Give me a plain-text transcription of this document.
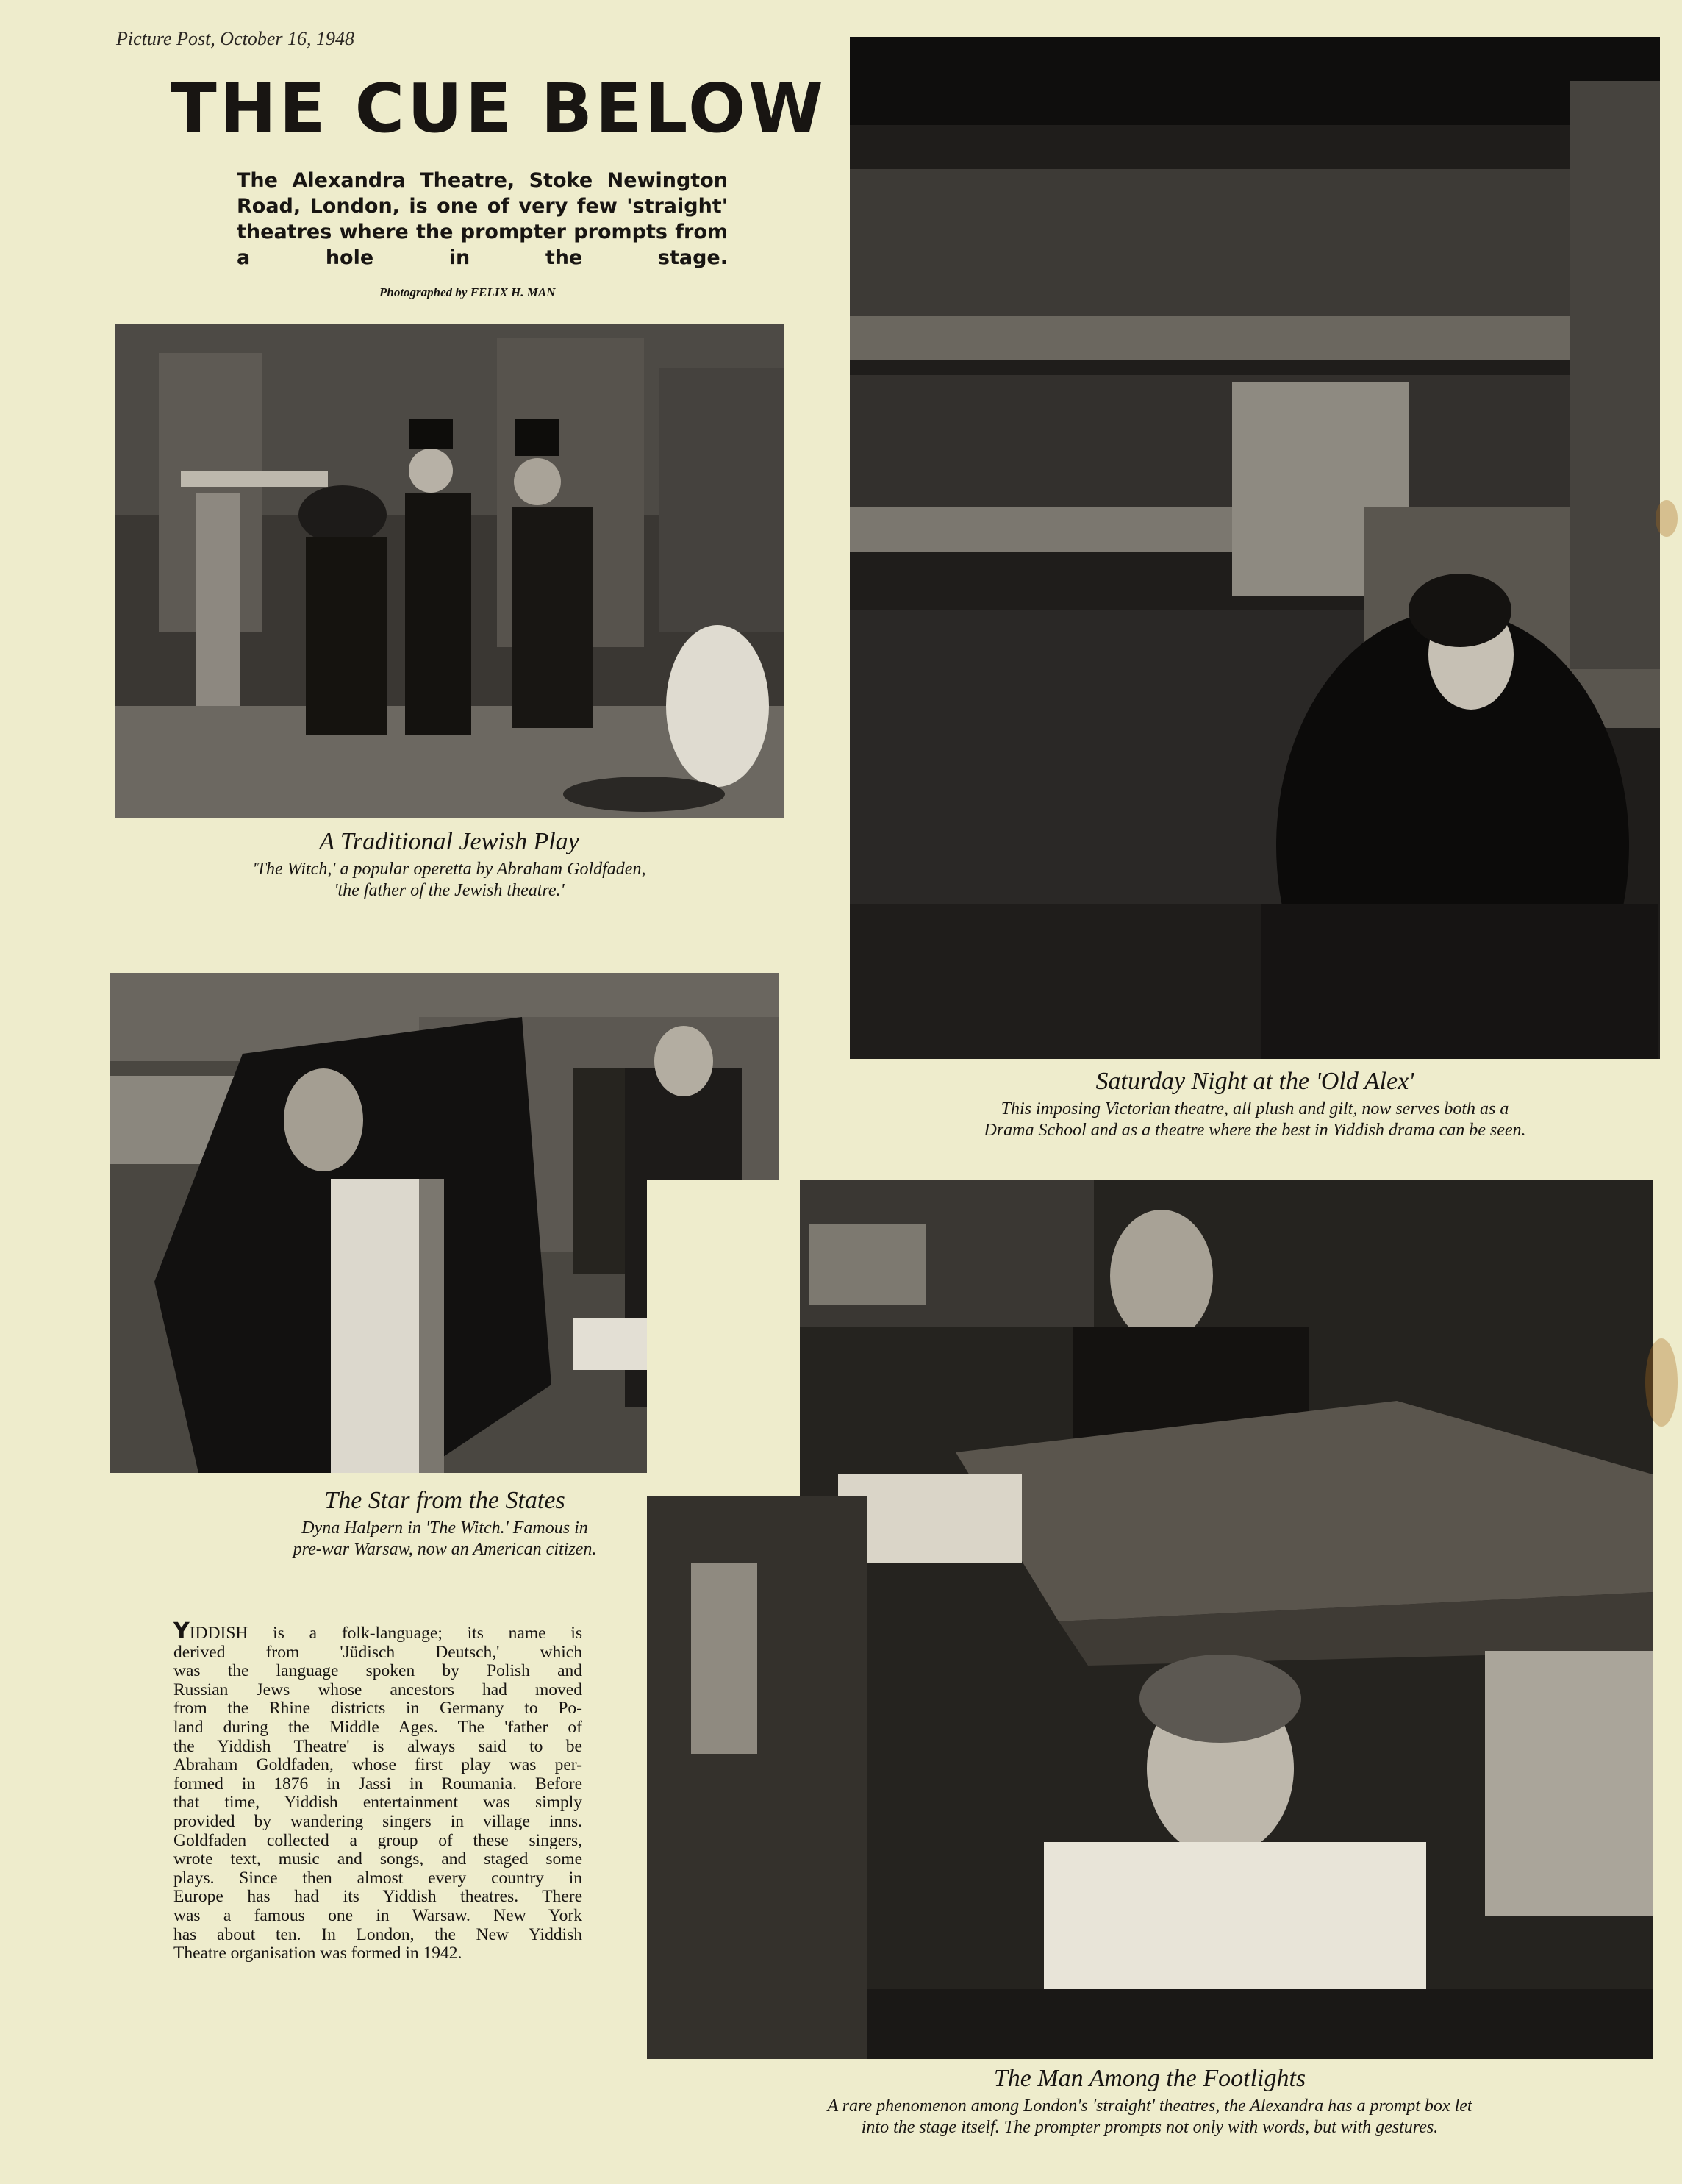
Picture Post, October 16, 1948
THE CUE BELOW
The Alexandra Theatre, Stoke Newington Road, London, is one of very few 'straight' theatres where the prompter prompts from a hole in the stage.
Photographed by FELIX H. MAN
A Traditional Jewish Play
'The Witch,' a popular operetta by Abraham Goldfaden,
'the father of the Jewish theatre.'
Saturday Night at the 'Old Alex'
This imposing Victorian theatre, all plush and gilt, now serves both as a
Drama School and as a theatre where the best in Yiddish drama can be seen.
The Star from the States
Dyna Halpern in 'The Witch.' Famous in
pre-war Warsaw, now an American citizen.
The Man Among the Footlights
A rare phenomenon among London's 'straight' theatres, the Alexandra has a prompt box let
into the stage itself. The prompter prompts not only with words, but with gestures.
YIDDISH is a folk-language; its name is
derived from 'Jüdisch Deutsch,' which
was the language spoken by Polish and
Russian Jews whose ancestors had moved
from the Rhine districts in Germany to Po-
land during the Middle Ages. The 'father of
the Yiddish Theatre' is always said to be
Abraham Goldfaden, whose first play was per-
formed in 1876 in Jassi in Roumania. Before
that time, Yiddish entertainment was simply
provided by wandering singers in village inns.
Goldfaden collected a group of these singers,
wrote text, music and songs, and staged some
plays. Since then almost every country in
Europe has had its Yiddish theatres. There
was a famous one in Warsaw. New York
has about ten. In London, the New Yiddish
Theatre organisation was formed in 1942.
